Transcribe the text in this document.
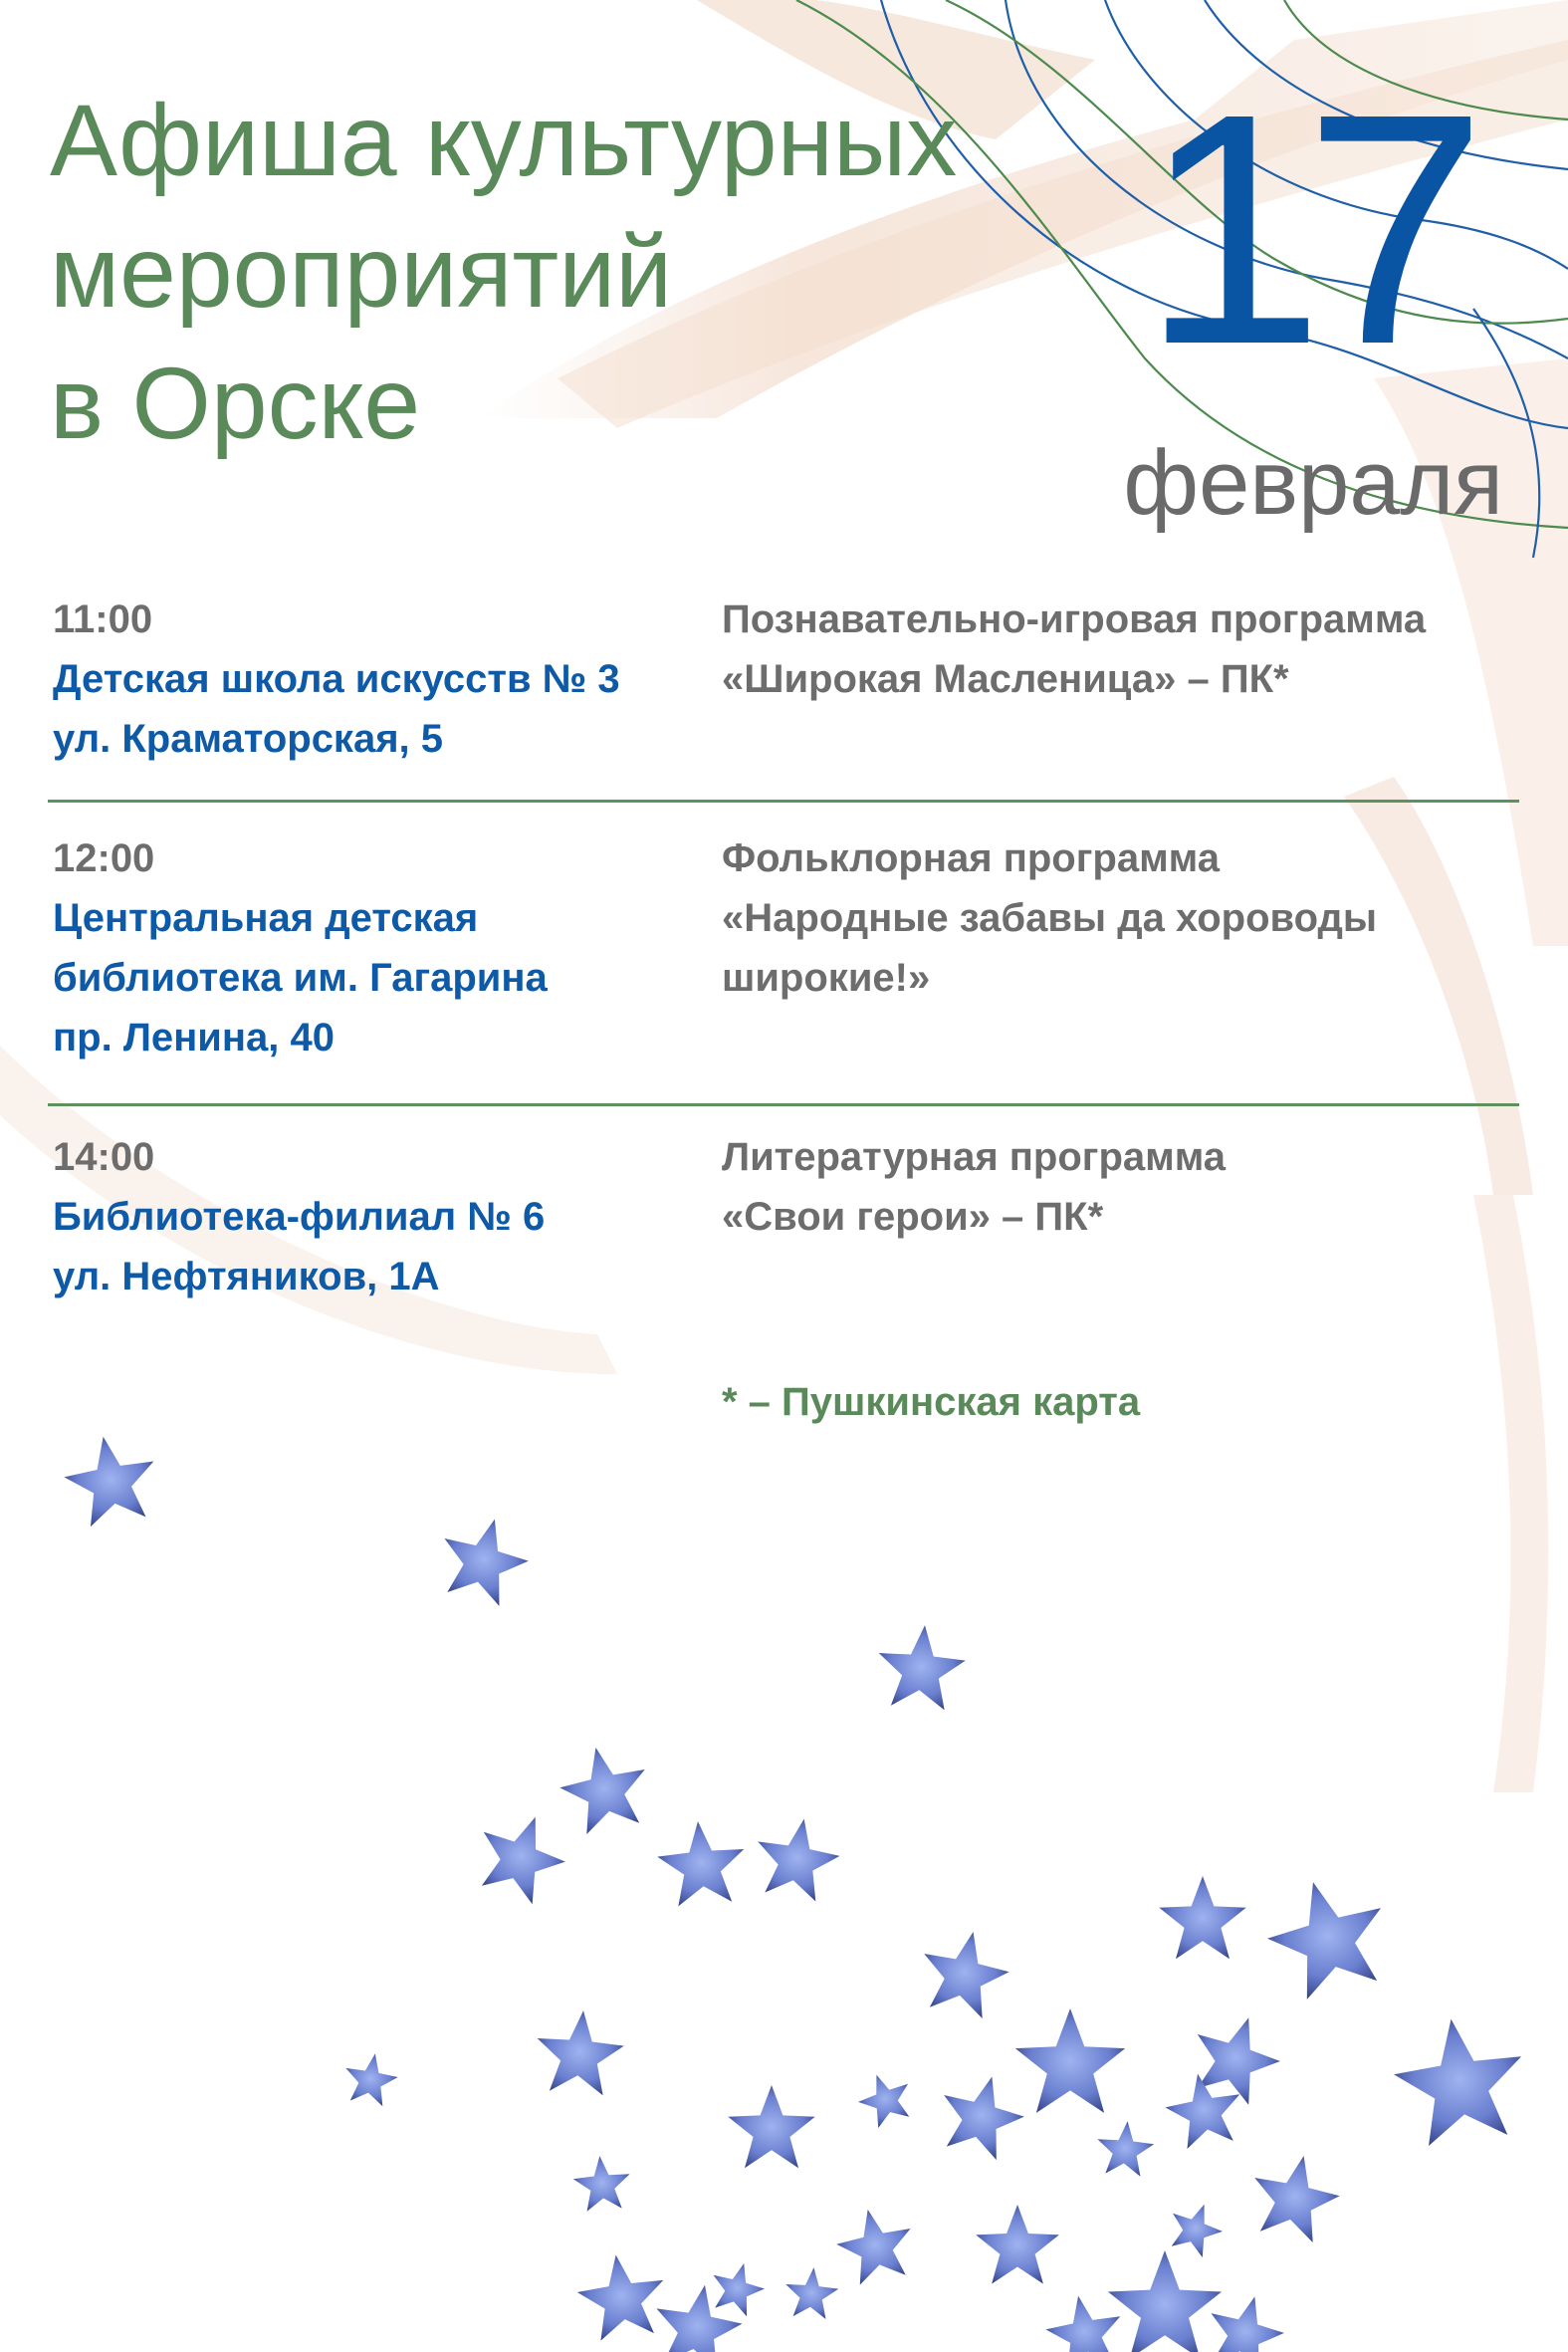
Афиша культурных
мероприятий
в Орске	17
февраля
11:00
Детская школа искусств № 3
ул. Краматорская, 5
Познавательно-игровая программа
«Широкая Масленица» – ПК*
12:00
Центральная детская
библиотека им. Гагарина
пр. Ленина, 40
Фольклорная программа
«Народные забавы да хороводы
широкие!»
14:00
Библиотека-филиал № 6
ул. Нефтяников, 1А
Литературная программа
«Свои герои» – ПК*
* – Пушкинская карта
